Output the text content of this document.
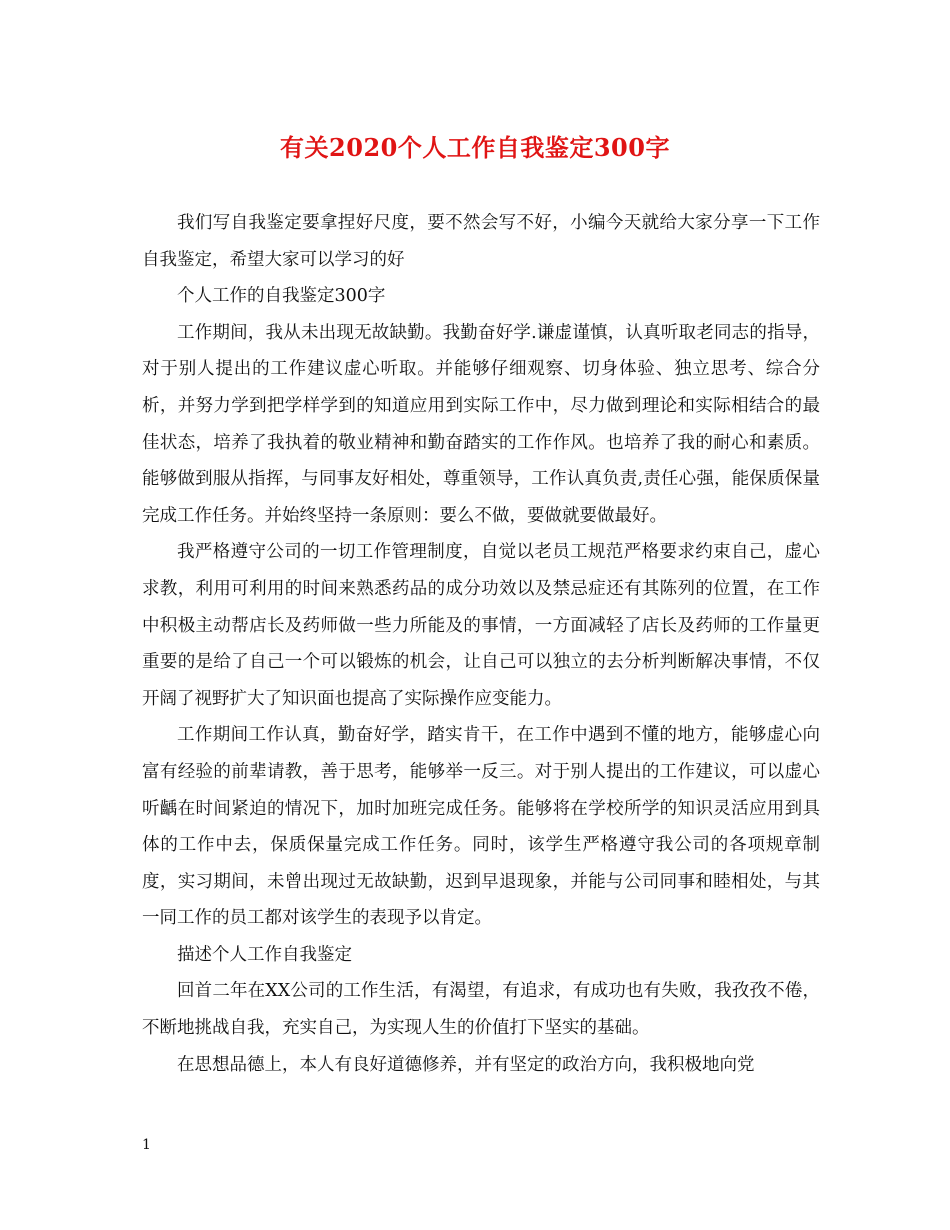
有关2020个人工作自我鉴定300字

我们写自我鉴定要拿捏好尺度，要不然会写不好，小编今天就给大家分享一下工作自我鉴定，希望大家可以学习的好

个人工作的自我鉴定300字

工作期间，我从未出现无故缺勤。我勤奋好学.谦虚谨慎，认真听取老同志的指导，对于别人提出的工作建议虚心听取。并能够仔细观察、切身体验、独立思考、综合分析，并努力学到把学样学到的知道应用到实际工作中，尽力做到理论和实际相结合的最佳状态，培养了我执着的敬业精神和勤奋踏实的工作作风。也培养了我的耐心和素质。能够做到服从指挥，与同事友好相处，尊重领导，工作认真负责,责任心强，能保质保量完成工作任务。并始终坚持一条原则：要么不做，要做就要做最好。

我严格遵守公司的一切工作管理制度，自觉以老员工规范严格要求约束自己，虚心求教，利用可利用的时间来熟悉药品的成分功效以及禁忌症还有其陈列的位置，在工作中积极主动帮店长及药师做一些力所能及的事情，一方面减轻了店长及药师的工作量更重要的是给了自己一个可以锻炼的机会，让自己可以独立的去分析判断解决事情，不仅开阔了视野扩大了知识面也提高了实际操作应变能力。

工作期间工作认真，勤奋好学，踏实肯干，在工作中遇到不懂的地方，能够虚心向富有经验的前辈请教，善于思考，能够举一反三。对于别人提出的工作建议，可以虚心听齲在时间紧迫的情况下，加时加班完成任务。能够将在学校所学的知识灵活应用到具体的工作中去，保质保量完成工作任务。同时，该学生严格遵守我公司的各项规章制度，实习期间，未曾出现过无故缺勤，迟到早退现象，并能与公司同事和睦相处，与其一同工作的员工都对该学生的表现予以肯定。

描述个人工作自我鉴定

回首二年在XX公司的工作生活，有渴望，有追求，有成功也有失败，我孜孜不倦，不断地挑战自我，充实自己，为实现人生的价值打下坚实的基础。

在思想品德上，本人有良好道德修养，并有坚定的政治方向，我积极地向党

1
